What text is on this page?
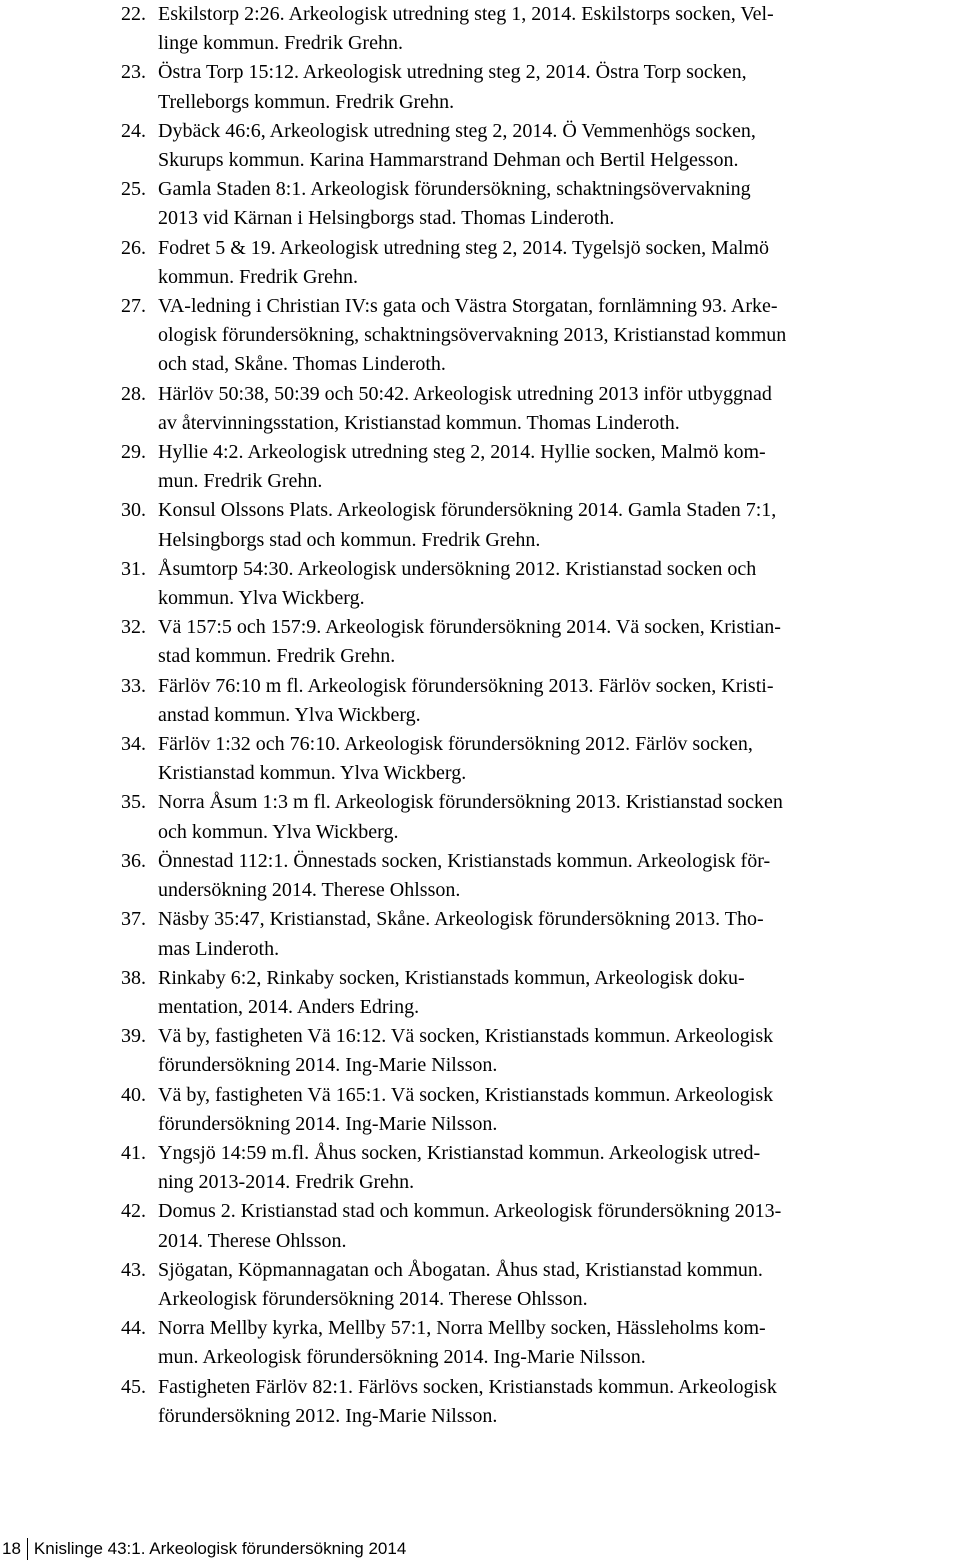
22. Eskilstorp 2:26. Arkeologisk utredning steg 1, 2014. Eskilstorps socken, Vel-
linge kommun. Fredrik Grehn.
23. Östra Torp 15:12. Arkeologisk utredning steg 2, 2014. Östra Torp socken,
Trelleborgs kommun. Fredrik Grehn.
24. Dybäck 46:6, Arkeologisk utredning steg 2, 2014. Ö Vemmenhögs socken,
Skurups kommun. Karina Hammarstrand Dehman och Bertil Helgesson.
25. Gamla Staden 8:1. Arkeologisk förundersökning, schaktningsövervakning
2013 vid Kärnan i Helsingborgs stad. Thomas Linderoth.
26. Fodret 5 & 19. Arkeologisk utredning steg 2, 2014. Tygelsjö socken, Malmö
kommun. Fredrik Grehn.
27. VA-ledning i Christian IV:s gata och Västra Storgatan, fornlämning 93. Arke-
ologisk förundersökning, schaktningsövervakning 2013, Kristianstad kommun
och stad, Skåne. Thomas Linderoth.
28. Härlöv 50:38, 50:39 och 50:42. Arkeologisk utredning 2013 inför utbyggnad
av återvinningsstation, Kristianstad kommun. Thomas Linderoth.
29. Hyllie 4:2. Arkeologisk utredning steg 2, 2014. Hyllie socken, Malmö kom-
mun. Fredrik Grehn.
30. Konsul Olssons Plats. Arkeologisk förundersökning 2014. Gamla Staden 7:1,
Helsingborgs stad och kommun. Fredrik Grehn.
31. Åsumtorp 54:30. Arkeologisk undersökning 2012. Kristianstad socken och
kommun. Ylva Wickberg.
32. Vä 157:5 och 157:9. Arkeologisk förundersökning 2014. Vä socken, Kristian-
stad kommun. Fredrik Grehn.
33. Färlöv 76:10 m fl. Arkeologisk förundersökning 2013. Färlöv socken, Kristi-
anstad kommun. Ylva Wickberg.
34. Färlöv 1:32 och 76:10. Arkeologisk förundersökning 2012. Färlöv socken,
Kristianstad kommun. Ylva Wickberg.
35. Norra Åsum 1:3 m fl. Arkeologisk förundersökning 2013. Kristianstad socken
och kommun. Ylva Wickberg.
36. Önnestad 112:1. Önnestads socken, Kristianstads kommun. Arkeologisk för-
undersökning 2014. Therese Ohlsson.
37. Näsby 35:47, Kristianstad, Skåne. Arkeologisk förundersökning 2013. Tho-
mas Linderoth.
38. Rinkaby 6:2, Rinkaby socken, Kristianstads kommun, Arkeologisk doku-
mentation, 2014. Anders Edring.
39. Vä by, fastigheten Vä 16:12. Vä socken, Kristianstads kommun. Arkeologisk
förundersökning 2014. Ing-Marie Nilsson.
40. Vä by, fastigheten Vä 165:1. Vä socken, Kristianstads kommun. Arkeologisk
förundersökning 2014. Ing-Marie Nilsson.
41. Yngsjö 14:59 m.fl. Åhus socken, Kristianstad kommun. Arkeologisk utred-
ning 2013-2014. Fredrik Grehn.
42. Domus 2. Kristianstad stad och kommun. Arkeologisk förundersökning 2013-
2014. Therese Ohlsson.
43. Sjögatan, Köpmannagatan och Åbogatan. Åhus stad, Kristianstad kommun.
Arkeologisk förundersökning 2014. Therese Ohlsson.
44. Norra Mellby kyrka, Mellby 57:1, Norra Mellby socken, Hässleholms kom-
mun. Arkeologisk förundersökning 2014. Ing-Marie Nilsson.
45. Fastigheten Färlöv 82:1. Färlövs socken, Kristianstads kommun. Arkeologisk
förundersökning 2012. Ing-Marie Nilsson.
18 Knislinge 43:1. Arkeologisk förundersökning 2014
